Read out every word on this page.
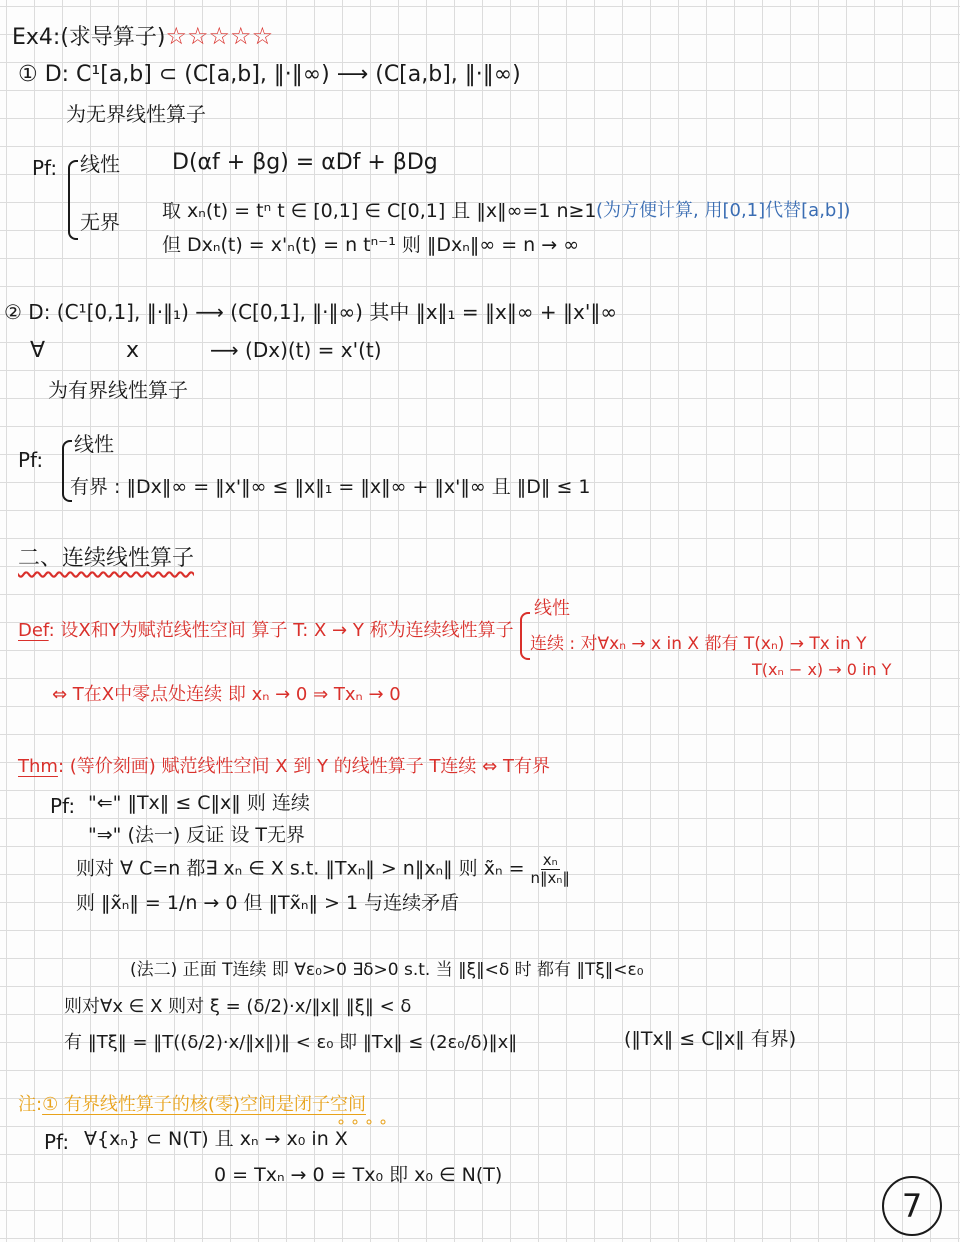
Ex4:(求导算子)☆☆☆☆☆
① D: C¹[a,b] ⊂ (C[a,b], ‖·‖∞) ⟶ (C[a,b], ‖·‖∞)
为无界线性算子
Pf: 线性 D(αf + βg) = αDf + βDg
无界 取 xₙ(t) = tⁿ t ∈ [0,1] ∈ C[0,1] 且 ‖x‖∞=1 n≥1 (为方便计算, 用[0,1]代替[a,b])
但 Dxₙ(t) = x'ₙ(t) = n tⁿ⁻¹ 则 ‖Dxₙ‖∞ = n → ∞
② D: (C¹[0,1], ‖·‖₁) ⟶ (C[0,1], ‖·‖∞) 其中 ‖x‖₁ = ‖x‖∞ + ‖x'‖∞
∀	x	⟶ (Dx)(t) = x'(t)
为有界线性算子
Pf:
线性
有界 : ‖Dx‖∞ = ‖x'‖∞ ≤ ‖x‖₁ = ‖x‖∞ + ‖x'‖∞ 且 ‖D‖ ≤ 1
二、连续线性算子
Def: 设X和Y为赋范线性空间 算子 T: X → Y 称为连续线性算子
线性
连续 : 对∀xₙ → x in X 都有 T(xₙ) → Tx in Y
T(xₙ − x) → 0 in Y
⇔ T在X中零点处连续 即 xₙ → 0 ⇒ Txₙ → 0
Thm: (等价刻画) 赋范线性空间 X 到 Y 的线性算子 T连续 ⇔ T有界
Pf: "⇐" ‖Tx‖ ≤ C‖x‖ 则 连续
"⇒" (法一) 反证 设 T无界
则对 ∀ C=n 都∃ xₙ ∈ X s.t. ‖Txₙ‖ > n‖xₙ‖ 则 x̃ₙ = $\frac{\text{xₙ}}{\text{n‖xₙ‖}}$
则 ‖x̃ₙ‖ = 1/n → 0 但 ‖Tx̃ₙ‖ > 1 与连续矛盾
(法二) 正面 T连续 即 ∀ε₀>0 ∃δ>0 s.t. 当 ‖ξ‖<δ 时 都有 ‖Tξ‖<ε₀
则对∀x ∈ X 则对 ξ = (δ/2)·x/‖x‖ ‖ξ‖ < δ
有 ‖Tξ‖ = ‖T((δ/2)·x/‖x‖)‖ < ε₀ 即 ‖Tx‖ ≤ (2ε₀/δ)‖x‖	(‖Tx‖ ≤ C‖x‖ 有界)
注:① 有界线性算子的核(零)空间是闭子空间
∘∘∘∘
Pf: ∀{xₙ} ⊂ N(T) 且 xₙ → x₀ in X
0 = Txₙ → 0 = Tx₀ 即 x₀ ∈ N(T)
7
